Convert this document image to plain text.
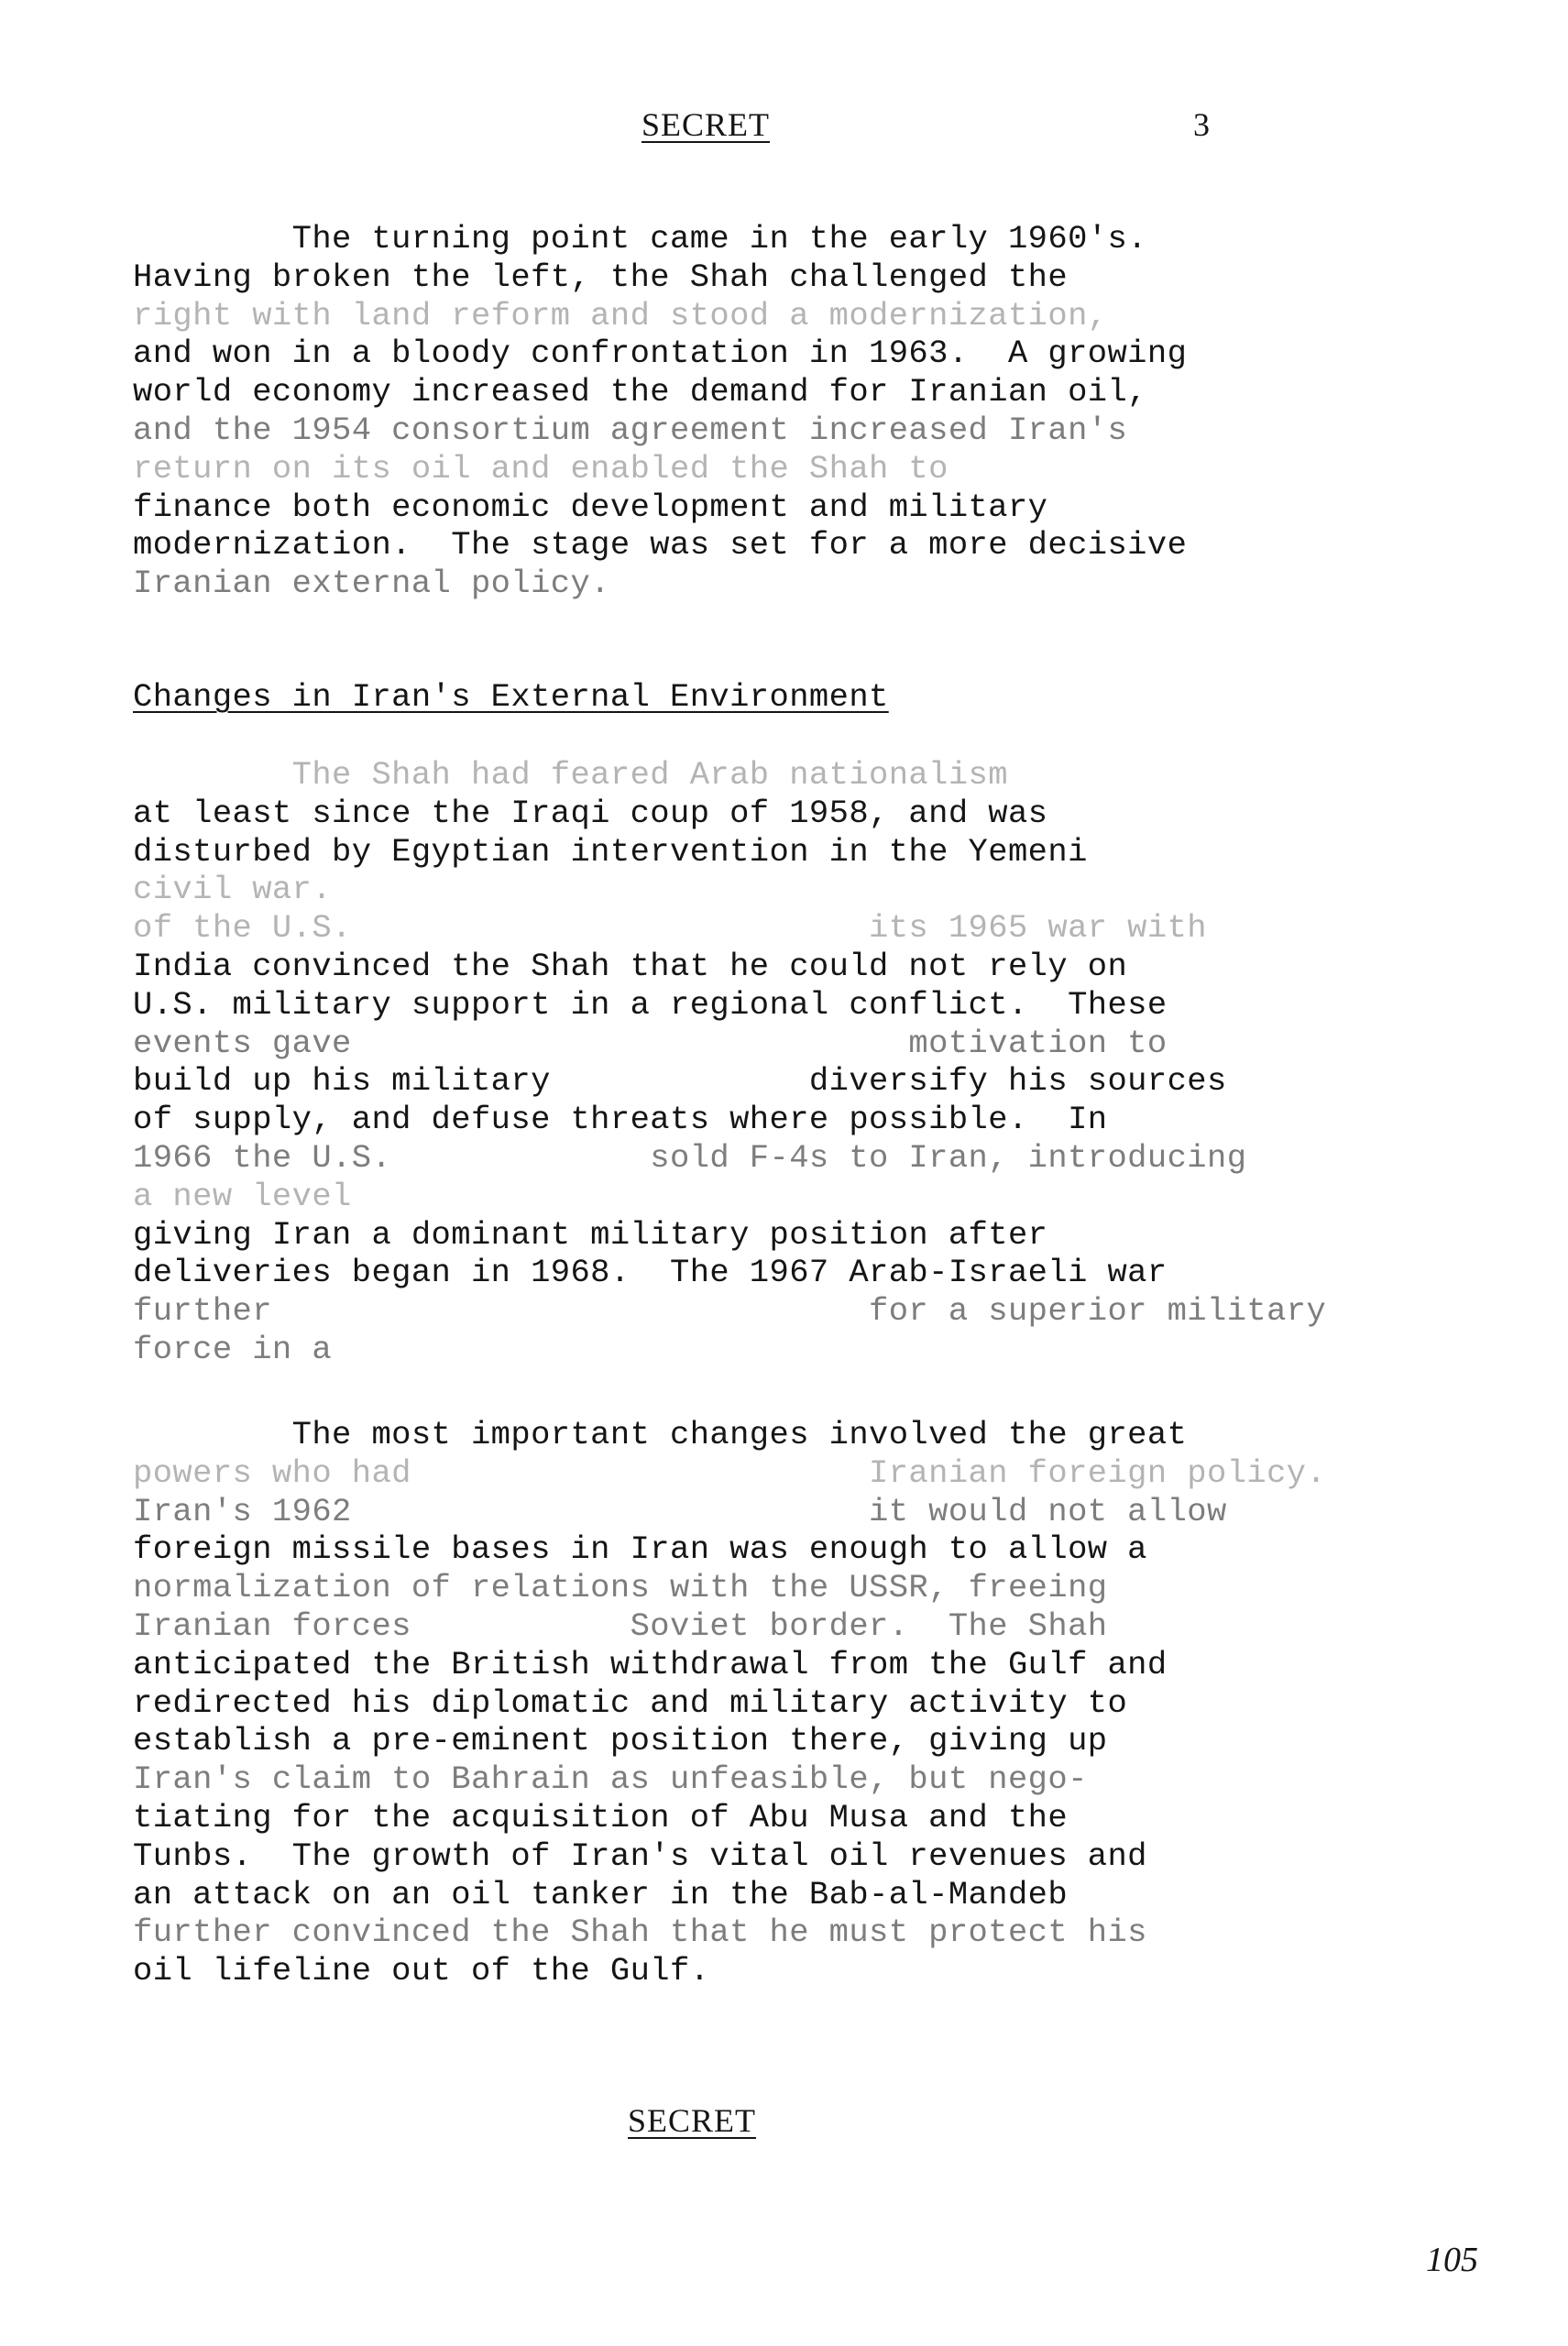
SECRET	3
The turning point came in the early 1960's.
Having broken the left, the Shah challenged the
right with land reform and stood a modernization,
and won in a bloody confrontation in 1963.  A growing
world economy increased the demand for Iranian oil,
and the 1954 consortium agreement increased Iran's
return on its oil and enabled the Shah to
finance both economic development and military
modernization.  The stage was set for a more decisive
Iranian external policy.
Changes in Iran's External Environment
The Shah had feared Arab nationalism
at least since the Iraqi coup of 1958, and was
disturbed by Egyptian intervention in the Yemeni
civil war.
of the U.S.                          its 1965 war with
India convinced the Shah that he could not rely on
U.S. military support in a regional conflict.  These
events gave                            motivation to
build up his military             diversify his sources
of supply, and defuse threats where possible.  In
1966 the U.S.             sold F-4s to Iran, introducing
a new level
giving Iran a dominant military position after
deliveries began in 1968.  The 1967 Arab-Israeli war
further                              for a superior military
force in a
The most important changes involved the great
powers who had                       Iranian foreign policy.
Iran's 1962                          it would not allow
foreign missile bases in Iran was enough to allow a
normalization of relations with the USSR, freeing
Iranian forces           Soviet border.  The Shah
anticipated the British withdrawal from the Gulf and
redirected his diplomatic and military activity to
establish a pre-eminent position there, giving up
Iran's claim to Bahrain as unfeasible, but nego-
tiating for the acquisition of Abu Musa and the
Tunbs.  The growth of Iran's vital oil revenues and
an attack on an oil tanker in the Bab-al-Mandeb
further convinced the Shah that he must protect his
oil lifeline out of the Gulf.
SECRET
105
